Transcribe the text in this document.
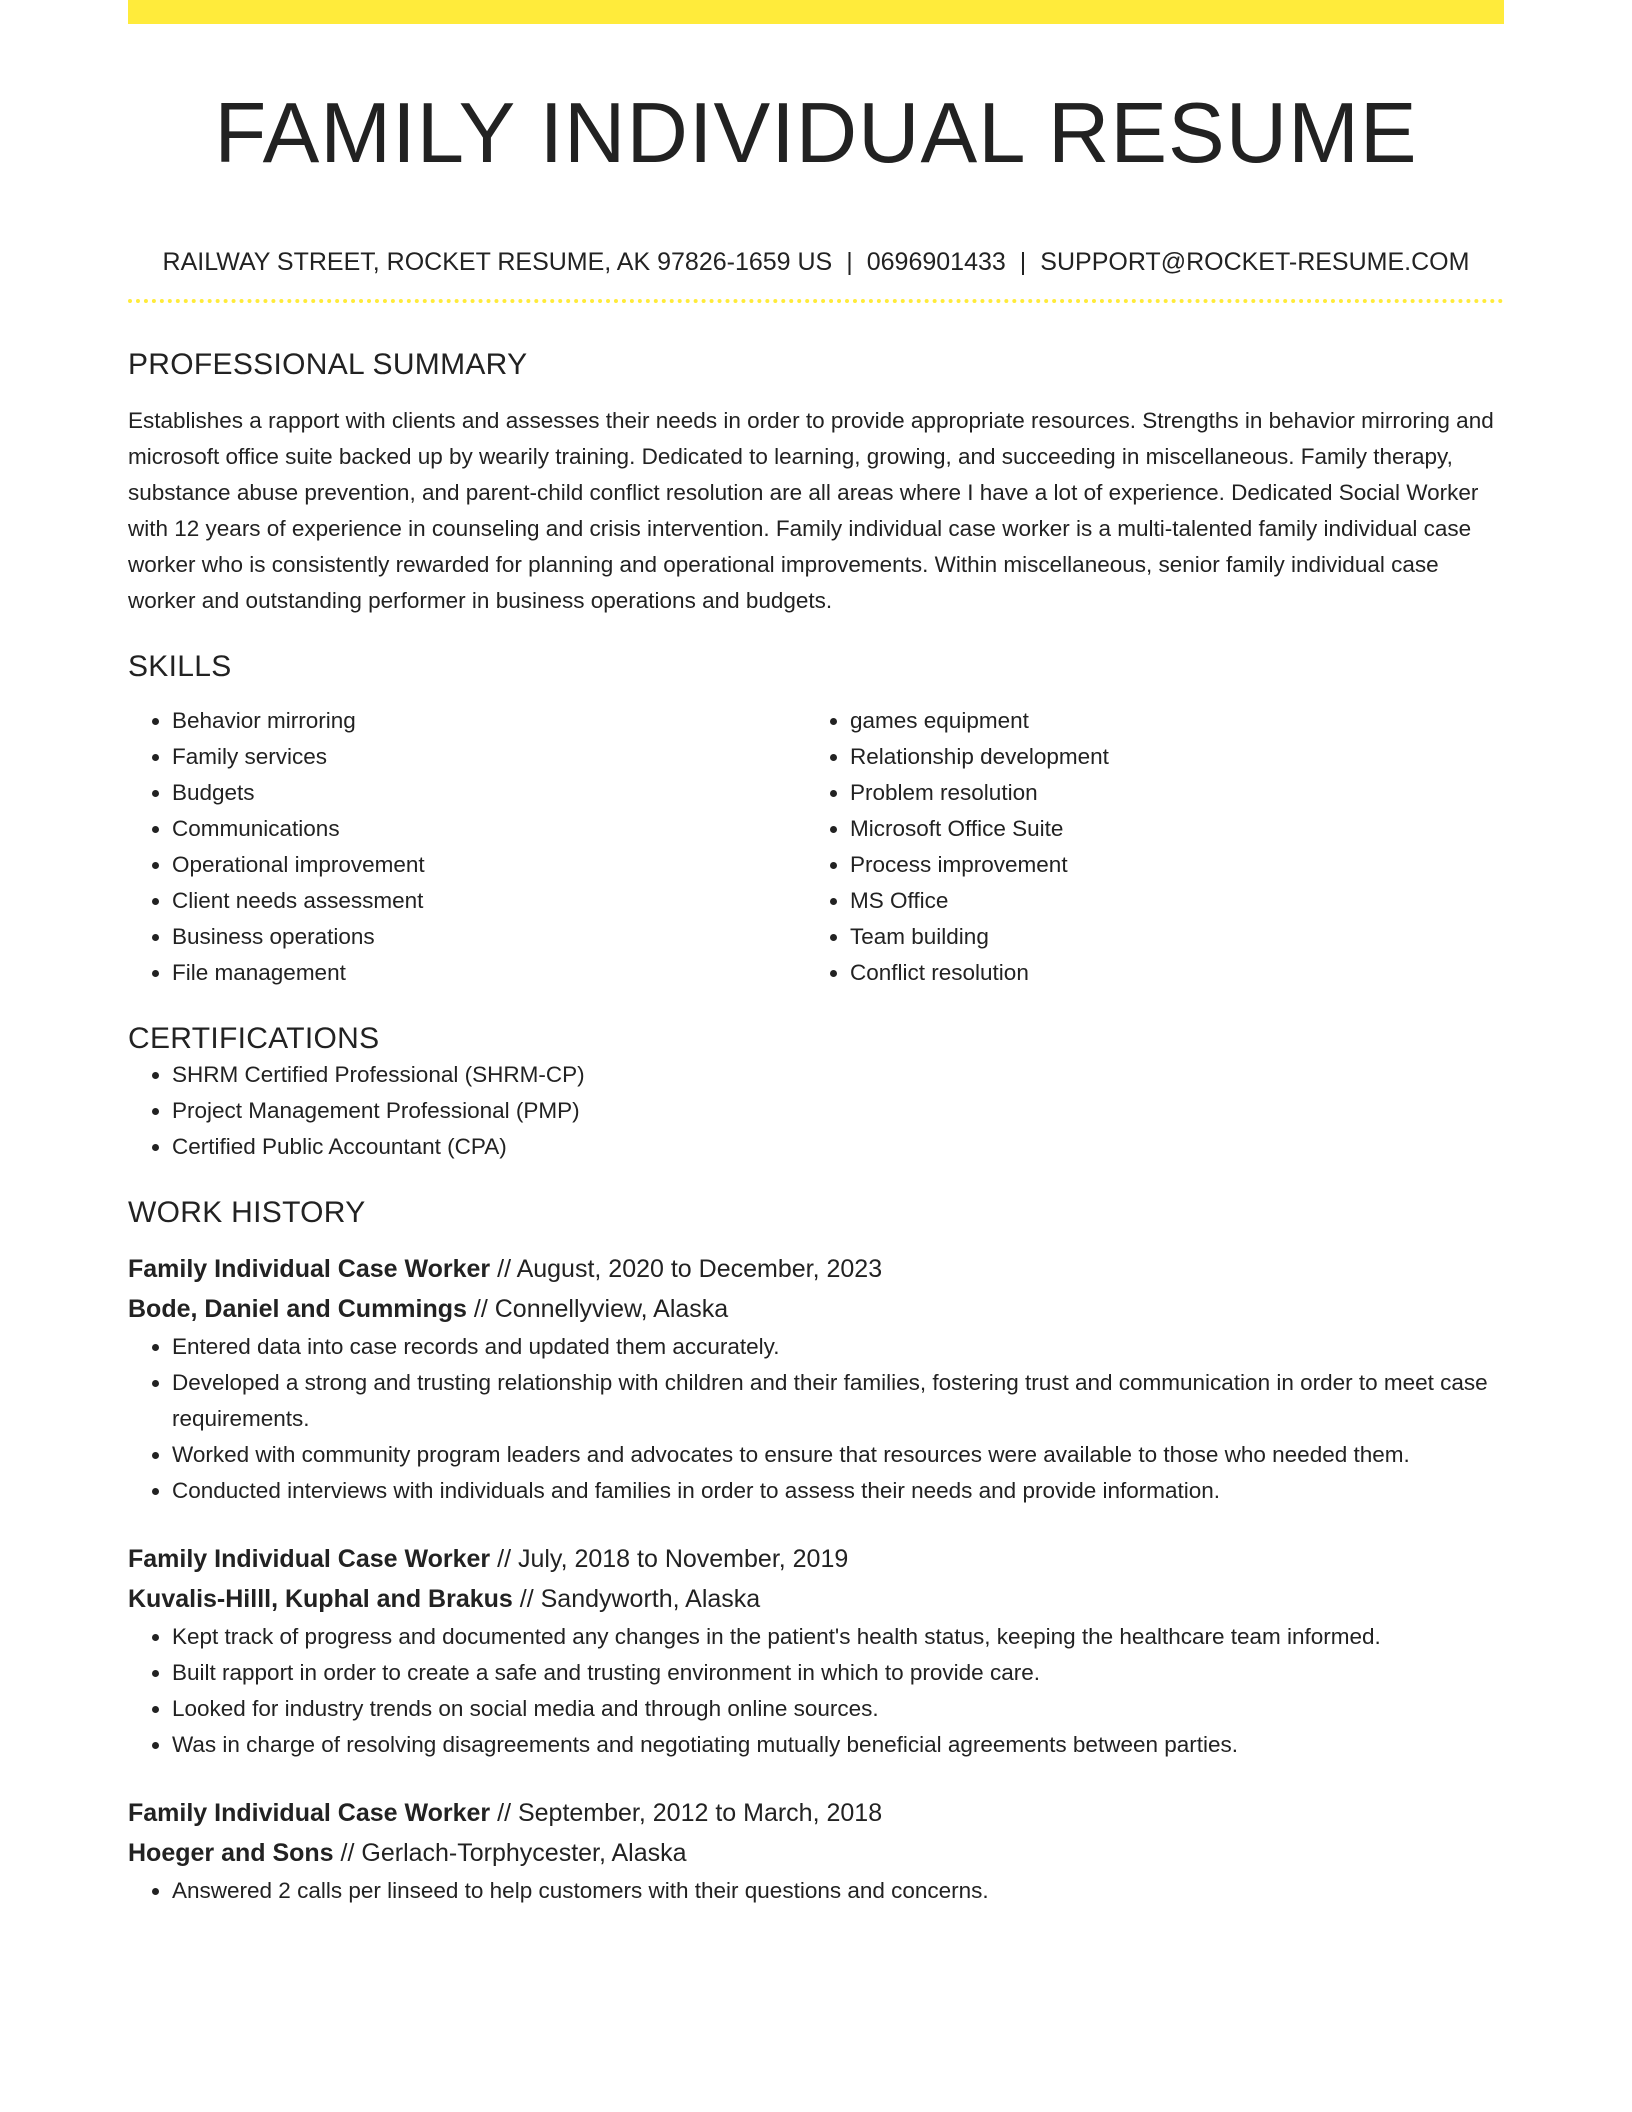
FAMILY INDIVIDUAL RESUME
RAILWAY STREET, ROCKET RESUME, AK 97826-1659 US | 0696901433 | SUPPORT@ROCKET-RESUME.COM
PROFESSIONAL SUMMARY
Establishes a rapport with clients and assesses their needs in order to provide appropriate resources. Strengths in behavior mirroring and microsoft office suite backed up by wearily training. Dedicated to learning, growing, and succeeding in miscellaneous. Family therapy, substance abuse prevention, and parent-child conflict resolution are all areas where I have a lot of experience. Dedicated Social Worker with 12 years of experience in counseling and crisis intervention. Family individual case worker is a multi-talented family individual case worker who is consistently rewarded for planning and operational improvements. Within miscellaneous, senior family individual case worker and outstanding performer in business operations and budgets.
SKILLS
• Behavior mirroring
• Family services
• Budgets
• Communications
• Operational improvement
• Client needs assessment
• Business operations
• File management
• games equipment
• Relationship development
• Problem resolution
• Microsoft Office Suite
• Process improvement
• MS Office
• Team building
• Conflict resolution
CERTIFICATIONS
• SHRM Certified Professional (SHRM-CP)
• Project Management Professional (PMP)
• Certified Public Accountant (CPA)
WORK HISTORY
Family Individual Case Worker // August, 2020 to December, 2023
Bode, Daniel and Cummings // Connellyview, Alaska
• Entered data into case records and updated them accurately.
• Developed a strong and trusting relationship with children and their families, fostering trust and communication in order to meet case requirements.
• Worked with community program leaders and advocates to ensure that resources were available to those who needed them.
• Conducted interviews with individuals and families in order to assess their needs and provide information.
Family Individual Case Worker // July, 2018 to November, 2019
Kuvalis-Hilll, Kuphal and Brakus // Sandyworth, Alaska
• Kept track of progress and documented any changes in the patient's health status, keeping the healthcare team informed.
• Built rapport in order to create a safe and trusting environment in which to provide care.
• Looked for industry trends on social media and through online sources.
• Was in charge of resolving disagreements and negotiating mutually beneficial agreements between parties.
Family Individual Case Worker // September, 2012 to March, 2018
Hoeger and Sons // Gerlach-Torphycester, Alaska
• Answered 2 calls per linseed to help customers with their questions and concerns.
